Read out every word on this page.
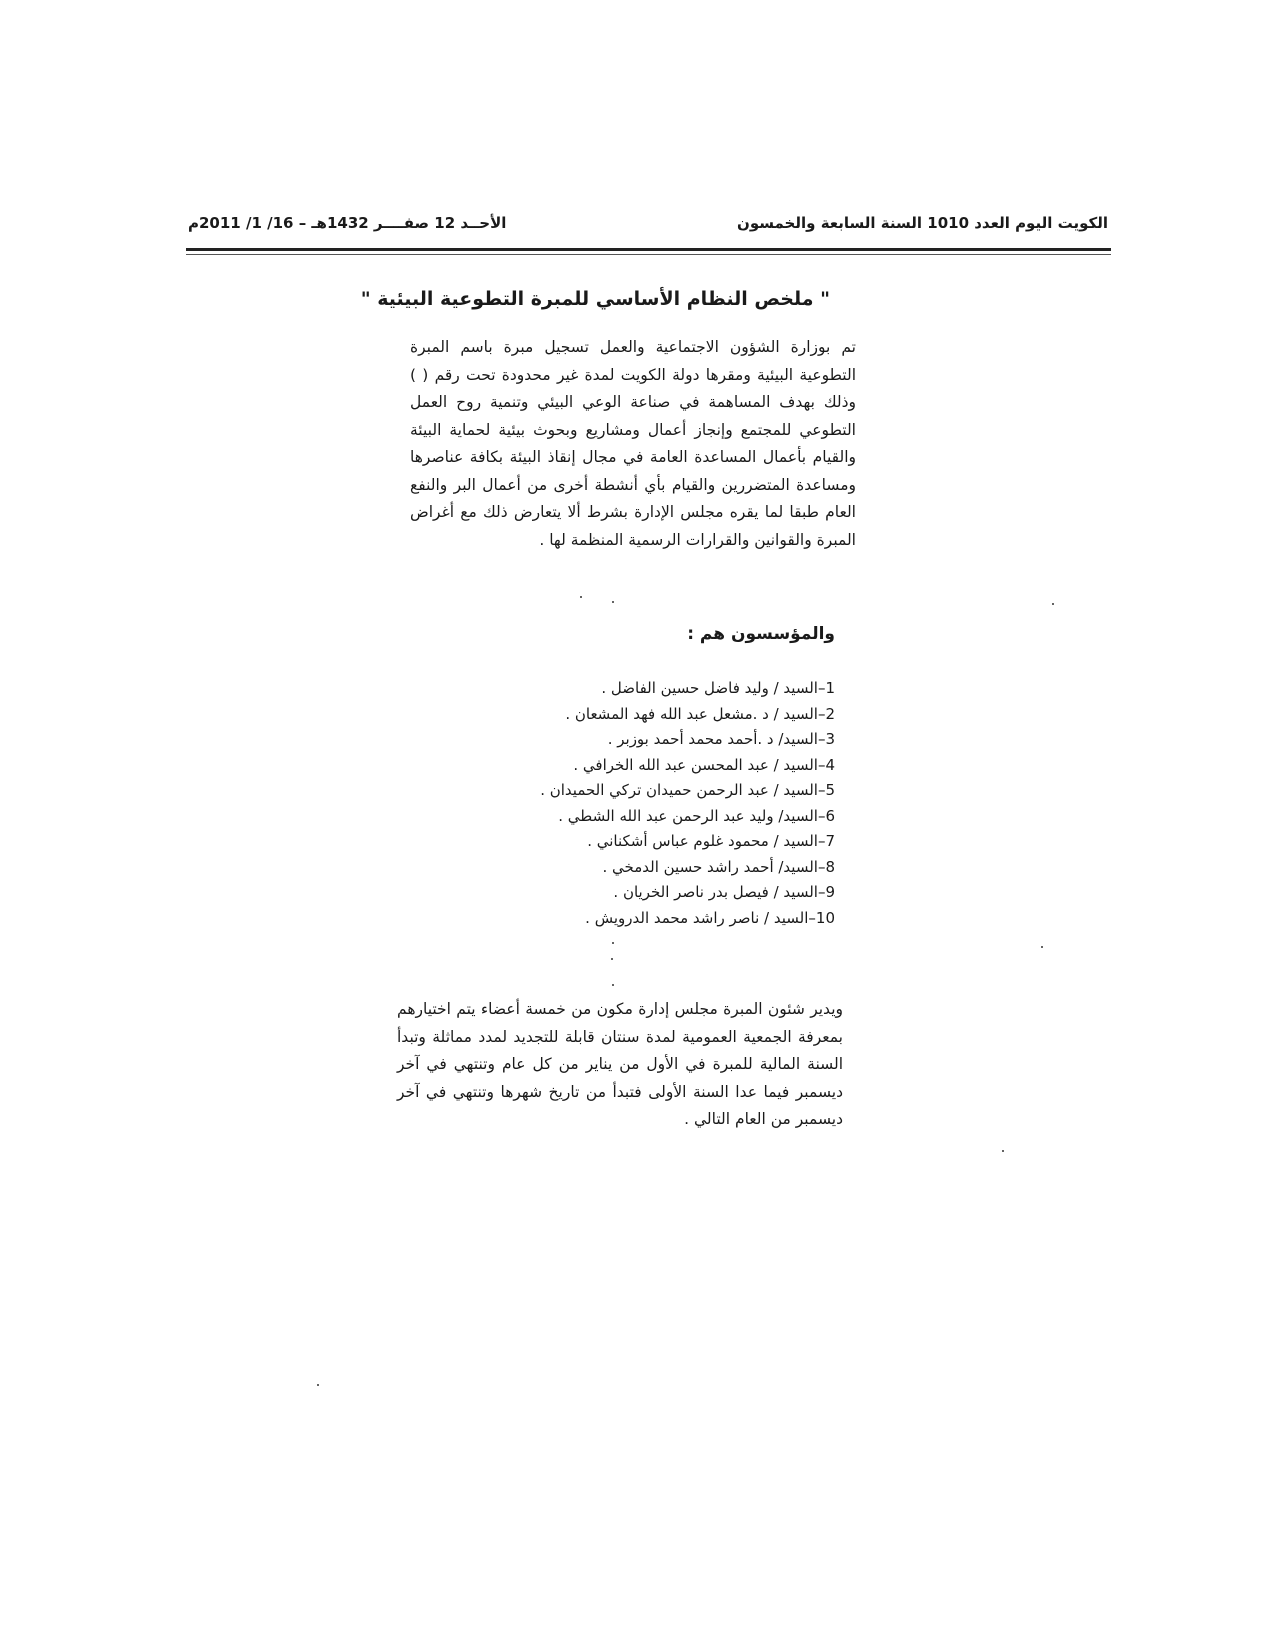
الكويت اليوم العدد 1010 السنة السابعة والخمسون
الأحــد 12 صفــــر 1432هـ – 16/ 1/ 2011م
" ملخص النظام الأساسي للمبرة التطوعية البيئية "
تم بوزارة الشؤون الاجتماعية والعمل تسجيل مبرة باسم المبرة التطوعية البيئية ومقرها دولة الكويت لمدة غير محدودة تحت رقم ( ) وذلك بهدف المساهمة في صناعة الوعي البيئي وتنمية روح العمل التطوعي للمجتمع وإنجاز أعمال ومشاريع وبحوث بيئية لحماية البيئة والقيام بأعمال المساعدة العامة في مجال إنقاذ البيئة بكافة عناصرها ومساعدة المتضررين والقيام بأي أنشطة أخرى من أعمال البر والنفع العام طبقا لما يقره مجلس الإدارة بشرط ألا يتعارض ذلك مع أغراض المبرة والقوانين والقرارات الرسمية المنظمة لها .
والمؤسسون هم :
1–السيد / وليد فاضل حسين الفاضل .
2–السيد / د .مشعل عبد الله فهد المشعان .
3–السيد/ د .أحمد محمد أحمد بوزبر .
4–السيد / عبد المحسن عبد الله الخرافي .
5–السيد / عبد الرحمن حميدان تركي الحميدان .
6–السيد/ وليد عبد الرحمن عبد الله الشطي .
7–السيد / محمود غلوم عباس أشكناني .
8–السيد/ أحمد راشد حسين الدمخي .
9–السيد / فيصل بدر ناصر الخريان .
10–السيد / ناصر راشد محمد الدرويش .
ويدير شئون المبرة مجلس إدارة مكون من خمسة أعضاء يتم اختيارهم بمعرفة الجمعية العمومية لمدة سنتان قابلة للتجديد لمدد مماثلة وتبدأ السنة المالية للمبرة في الأول من يناير من كل عام وتنتهي في آخر ديسمبر فيما عدا السنة الأولى فتبدأ من تاريخ شهرها وتنتهي في آخر ديسمبر من العام التالي .
